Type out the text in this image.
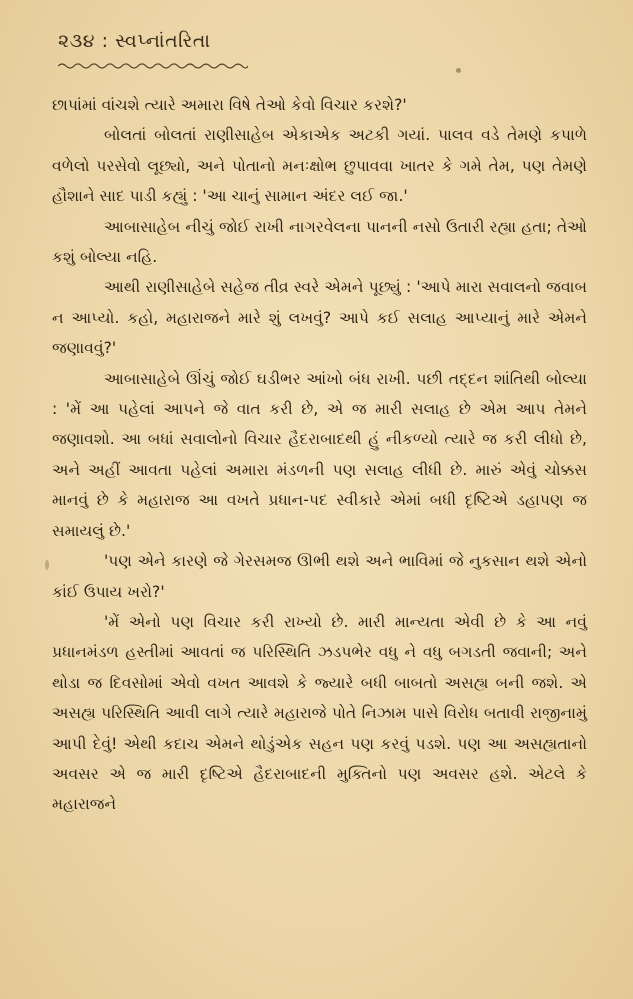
૨૩૪ : સ્વપ્નાંતરિતા

છાપાંમાં વાંચશે ત્યારે અમારા વિષે તેઓ કેવો વિચાર કરશે?'

બોલતાં બોલતાં રાણીસાહેબ એકાએક અટકી ગયાં. પાલવ વડે તેમણે કપાળે વળેલો પરસેવો લૂછ્યો, અને પોતાનો મનઃક્ષોભ છુપાવવા ખાતર કે ગમે તેમ, પણ તેમણે હૌશાને સાદ પાડી કહ્યું : 'આ ચાનું સામાન અંદર લઈ જા.'

આબાસાહેબ નીચું જોઈ રાખી નાગરવેલના પાનની નસો ઉતારી રહ્યા હતા; તેઓ કશું બોલ્યા નહિ.

આથી રાણીસાહેબે સહેજ તીવ્ર સ્વરે એમને પૂછ્યું : 'આપે મારા સવાલનો જવાબ ન આપ્યો. કહો, મહારાજને મારે શું લખવું? આપે કઈ સલાહ આપ્યાનું મારે એમને જણાવવું?'

આબાસાહેબે ઊંચું જોઈ ઘડીભર આંખો બંધ રાખી. પછી તદ્દન શાંતિથી બોલ્યા : 'મેં આ પહેલાં આપને જે વાત કરી છે, એ જ મારી સલાહ છે એમ આપ તેમને જણાવશો. આ બધાં સવાલોનો વિચાર હૈદરાબાદથી હું નીકળ્યો ત્યારે જ કરી લીધો છે, અને અહીં આવતા પહેલાં અમારા મંડળની પણ સલાહ લીધી છે. મારું એવું ચોક્કસ માનવું છે કે મહારાજ આ વખતે પ્રધાન-પદ સ્વીકારે એમાં બધી દૃષ્ટિએ ડહાપણ જ સમાયલું છે.'

'પણ એને કારણે જે ગેરસમજ ઊભી થશે અને ભાવિમાં જે નુકસાન થશે એનો કાંઈ ઉપાય ખરો?'

'મેં એનો પણ વિચાર કરી રાખ્યો છે. મારી માન્યતા એવી છે કે આ નવું પ્રધાનમંડળ હસ્તીમાં આવતાં જ પરિસ્થિતિ ઝડપભેર વધુ ને વધુ બગડતી જવાની; અને થોડા જ દિવસોમાં એવો વખત આવશે કે જ્યારે બધી બાબતો અસહ્ય બની જશે. એ અસહ્ય પરિસ્થિતિ આવી લાગે ત્યારે મહારાજે પોતે નિઝામ પાસે વિરોધ બતાવી રાજીનામું આપી દેવું! એથી કદાચ એમને થોડુંએક સહન પણ કરવું પડશે. પણ આ અસહ્યતાનો અવસર એ જ મારી દૃષ્ટિએ હૈદરાબાદની મુક્તિનો પણ અવસર હશે. એટલે કે મહારાજને
